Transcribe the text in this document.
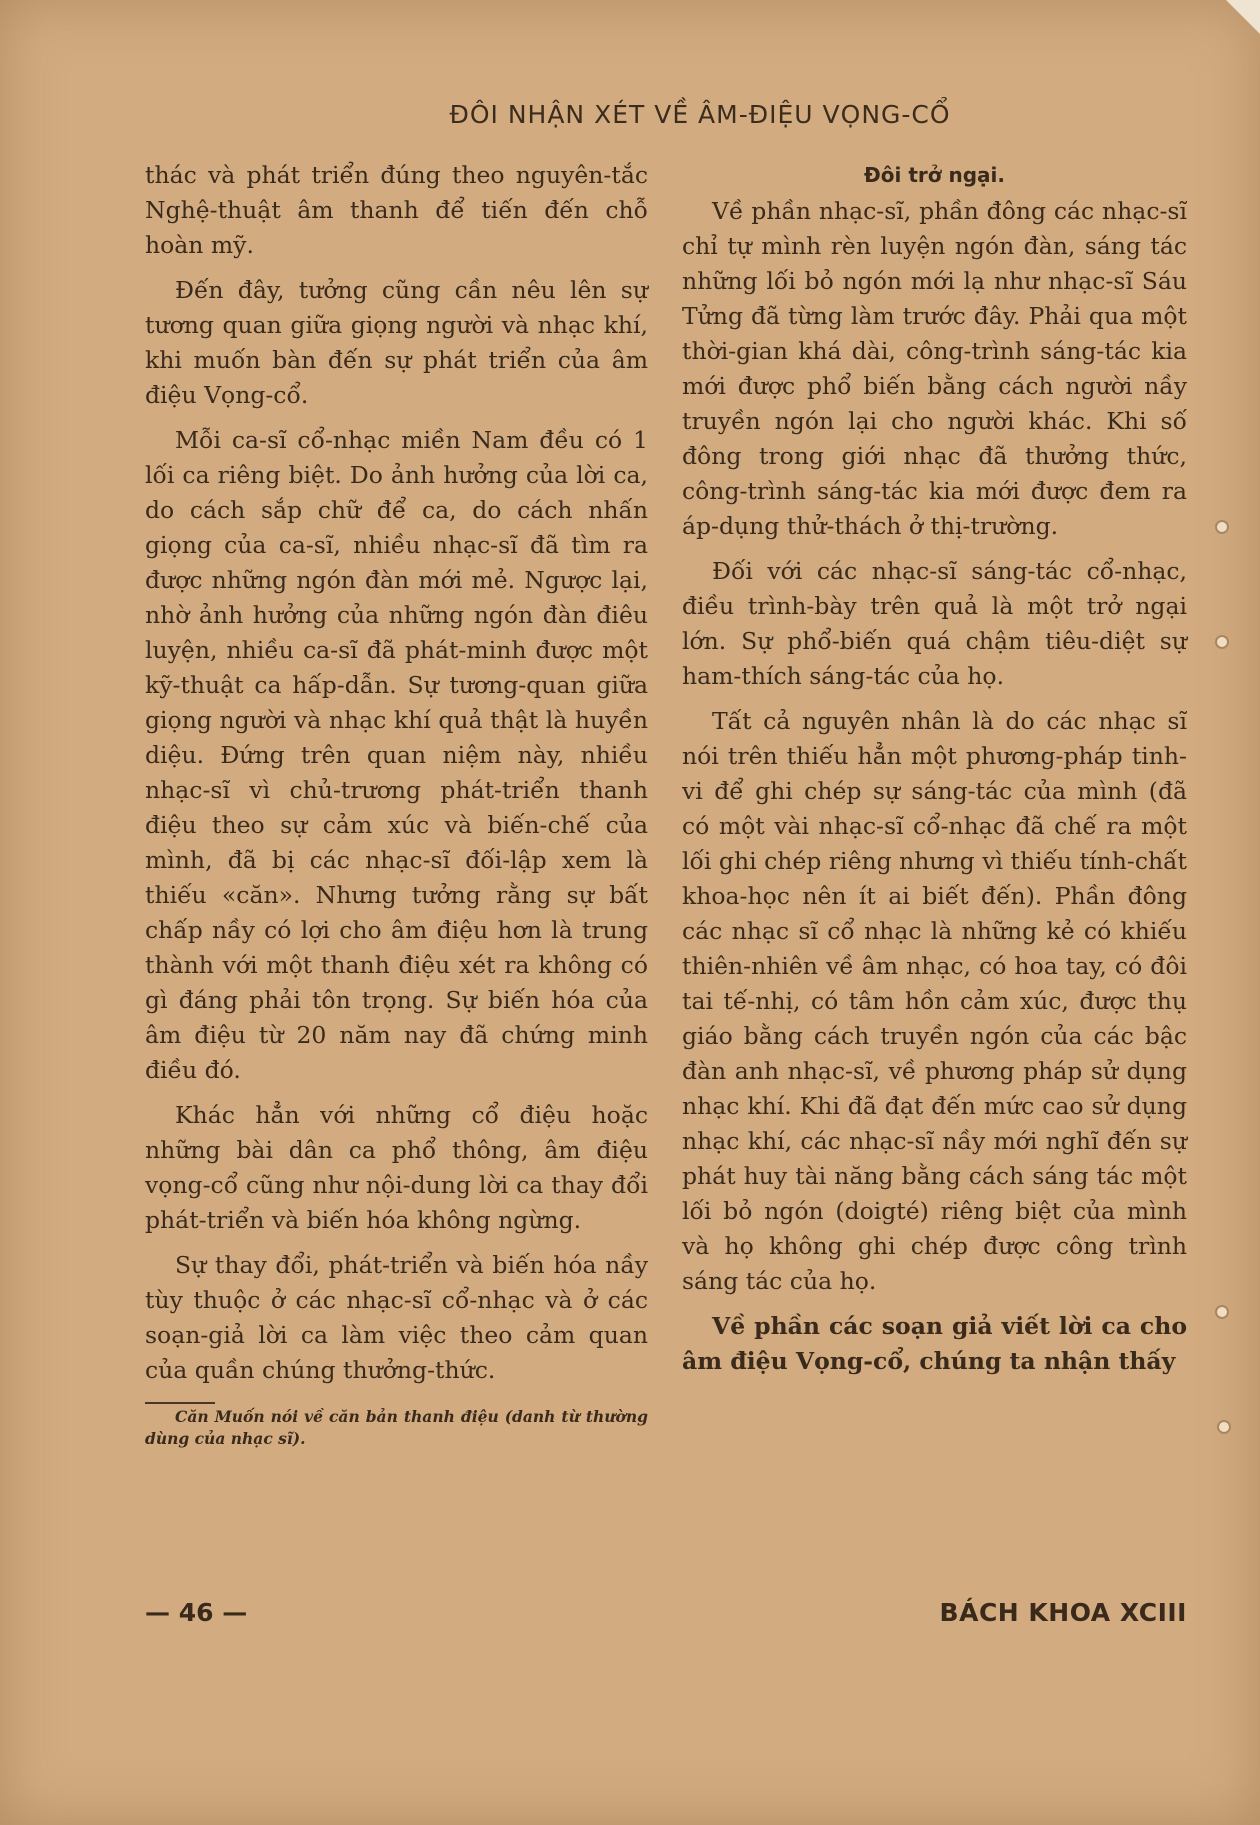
ĐÔI NHẬN XÉT VỀ ÂM-ĐIỆU VỌNG-CỔ

thác và phát triển đúng theo nguyên-tắc Nghệ-thuật âm thanh để tiến đến chỗ hoàn mỹ.

Đến đây, tưởng cũng cần nêu lên sự tương quan giữa giọng người và nhạc khí, khi muốn bàn đến sự phát triển của âm điệu Vọng-cổ.

Mỗi ca-sĩ cổ-nhạc miền Nam đều có 1 lối ca riêng biệt. Do ảnh hưởng của lời ca, do cách sắp chữ để ca, do cách nhấn giọng của ca-sĩ, nhiều nhạc-sĩ đã tìm ra được những ngón đàn mới mẻ. Ngược lại, nhờ ảnh hưởng của những ngón đàn điêu luyện, nhiều ca-sĩ đã phát-minh được một kỹ-thuật ca hấp-dẫn. Sự tương-quan giữa giọng người và nhạc khí quả thật là huyền diệu. Đứng trên quan niệm này, nhiều nhạc-sĩ vì chủ-trương phát-triển thanh điệu theo sự cảm xúc và biến-chế của mình, đã bị các nhạc-sĩ đối-lập xem là thiếu «căn». Nhưng tưởng rằng sự bất chấp nầy có lợi cho âm điệu hơn là trung thành với một thanh điệu xét ra không có gì đáng phải tôn trọng. Sự biến hóa của âm điệu từ 20 năm nay đã chứng minh điều đó.

Khác hẳn với những cổ điệu hoặc những bài dân ca phổ thông, âm điệu vọng-cổ cũng như nội-dung lời ca thay đổi phát-triển và biến hóa không ngừng.

Sự thay đổi, phát-triển và biến hóa nầy tùy thuộc ở các nhạc-sĩ cổ-nhạc và ở các soạn-giả lời ca làm việc theo cảm quan của quần chúng thưởng-thức.

Căn Muốn nói về căn bản thanh điệu (danh từ thường dùng của nhạc sĩ).

Đôi trở ngại.

Về phần nhạc-sĩ, phần đông các nhạc-sĩ chỉ tự mình rèn luyện ngón đàn, sáng tác những lối bỏ ngón mới lạ như nhạc-sĩ Sáu Tửng đã từng làm trước đây. Phải qua một thời-gian khá dài, công-trình sáng-tác kia mới được phổ biến bằng cách người nầy truyền ngón lại cho người khác. Khi số đông trong giới nhạc đã thưởng thức, công-trình sáng-tác kia mới được đem ra áp-dụng thử-thách ở thị-trường.

Đối với các nhạc-sĩ sáng-tác cổ-nhạc, điều trình-bày trên quả là một trở ngại lớn. Sự phổ-biến quá chậm tiêu-diệt sự ham-thích sáng-tác của họ.

Tất cả nguyên nhân là do các nhạc sĩ nói trên thiếu hẳn một phương-pháp tinh-vi để ghi chép sự sáng-tác của mình (đã có một vài nhạc-sĩ cổ-nhạc đã chế ra một lối ghi chép riêng nhưng vì thiếu tính-chất khoa-học nên ít ai biết đến). Phần đông các nhạc sĩ cổ nhạc là những kẻ có khiếu thiên-nhiên về âm nhạc, có hoa tay, có đôi tai tế-nhị, có tâm hồn cảm xúc, được thụ giáo bằng cách truyền ngón của các bậc đàn anh nhạc-sĩ, về phương pháp sử dụng nhạc khí. Khi đã đạt đến mức cao sử dụng nhạc khí, các nhạc-sĩ nầy mới nghĩ đến sự phát huy tài năng bằng cách sáng tác một lối bỏ ngón (doigté) riêng biệt của mình và họ không ghi chép được công trình sáng tác của họ.

Về phần các soạn giả viết lời ca cho âm điệu Vọng-cổ, chúng ta nhận thấy

— 46 —	BÁCH KHOA XCIII
